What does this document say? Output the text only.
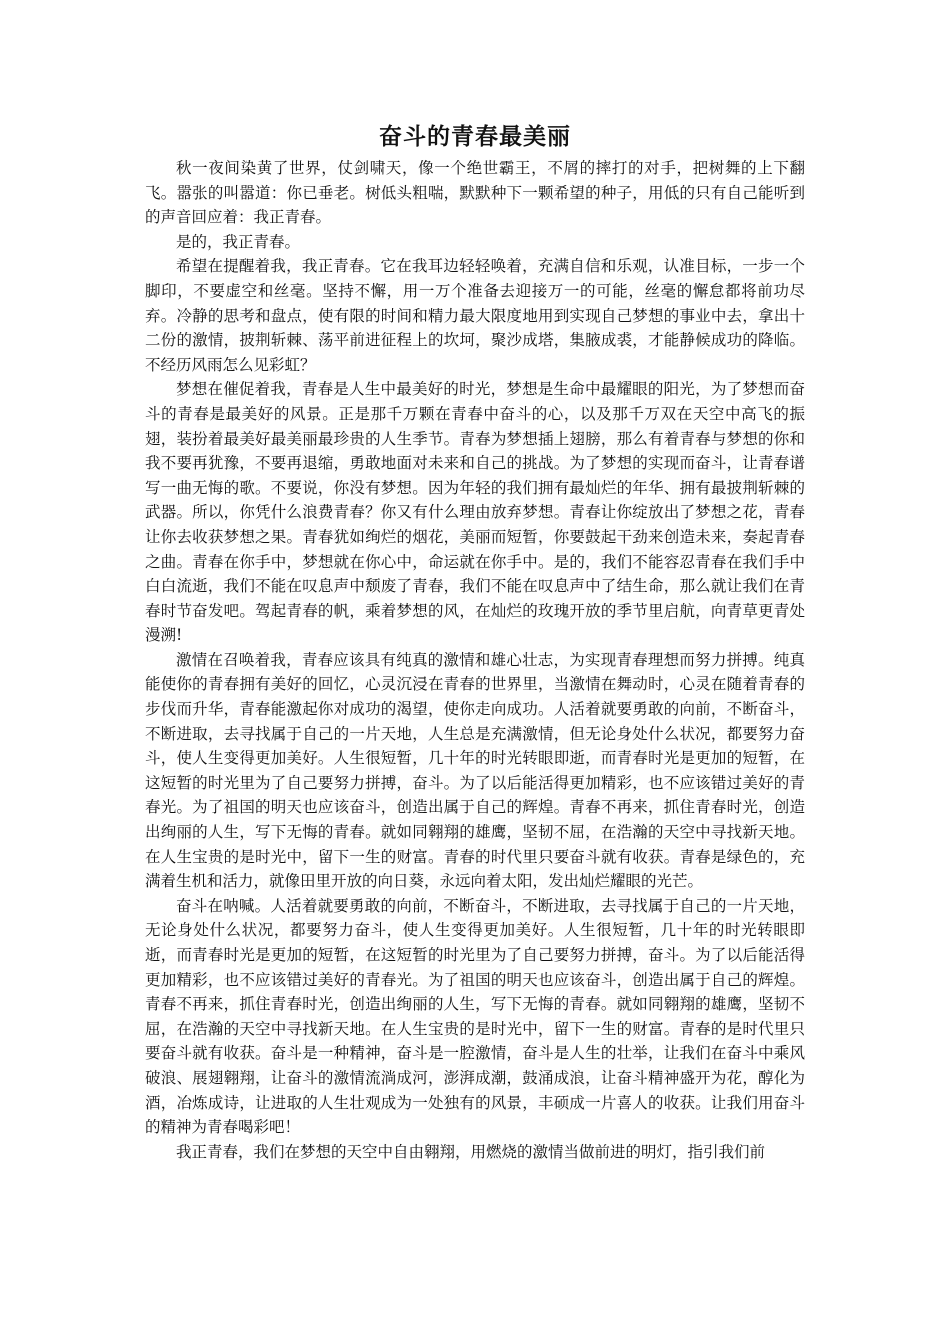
奋斗的青春最美丽

秋一夜间染黄了世界，仗剑啸天，像一个绝世霸王，不屑的摔打的对手，把树舞的上下翻飞。嚣张的叫嚣道：你已垂老。树低头粗喘，默默种下一颗希望的种子，用低的只有自己能听到的声音回应着：我正青春。

是的，我正青春。

希望在提醒着我，我正青春。它在我耳边轻轻唤着，充满自信和乐观，认准目标，一步一个脚印，不要虚空和丝毫。坚持不懈，用一万个准备去迎接万一的可能，丝毫的懈怠都将前功尽弃。冷静的思考和盘点，使有限的时间和精力最大限度地用到实现自己梦想的事业中去，拿出十二份的激情，披荆斩棘、荡平前进征程上的坎坷，聚沙成塔，集腋成裘，才能静候成功的降临。不经历风雨怎么见彩虹？

梦想在催促着我，青春是人生中最美好的时光，梦想是生命中最耀眼的阳光，为了梦想而奋斗的青春是最美好的风景。正是那千万颗在青春中奋斗的心，以及那千万双在天空中高飞的振翅，装扮着最美好最美丽最珍贵的人生季节。青春为梦想插上翅膀，那么有着青春与梦想的你和我不要再犹豫，不要再退缩，勇敢地面对未来和自己的挑战。为了梦想的实现而奋斗，让青春谱写一曲无悔的歌。不要说，你没有梦想。因为年轻的我们拥有最灿烂的年华、拥有最披荆斩棘的武器。所以，你凭什么浪费青春？你又有什么理由放弃梦想。青春让你绽放出了梦想之花，青春让你去收获梦想之果。青春犹如绚烂的烟花，美丽而短暂，你要鼓起干劲来创造未来，奏起青春之曲。青春在你手中，梦想就在你心中，命运就在你手中。是的，我们不能容忍青春在我们手中白白流逝，我们不能在叹息声中颓废了青春，我们不能在叹息声中了结生命，那么就让我们在青春时节奋发吧。驾起青春的帆，乘着梦想的风，在灿烂的玫瑰开放的季节里启航，向青草更青处漫溯!

激情在召唤着我，青春应该具有纯真的激情和雄心壮志，为实现青春理想而努力拼搏。纯真能使你的青春拥有美好的回忆，心灵沉浸在青春的世界里，当激情在舞动时，心灵在随着青春的步伐而升华，青春能激起你对成功的渴望，使你走向成功。人活着就要勇敢的向前，不断奋斗，不断进取，去寻找属于自己的一片天地，人生总是充满激情，但无论身处什么状况，都要努力奋斗，使人生变得更加美好。人生很短暂，几十年的时光转眼即逝，而青春时光是更加的短暂，在这短暂的时光里为了自己要努力拼搏，奋斗。为了以后能活得更加精彩，也不应该错过美好的青春光。为了祖国的明天也应该奋斗，创造出属于自己的辉煌。青春不再来，抓住青春时光，创造出绚丽的人生，写下无悔的青春。就如同翱翔的雄鹰，坚韧不屈，在浩瀚的天空中寻找新天地。在人生宝贵的是时光中，留下一生的财富。青春的时代里只要奋斗就有收获。青春是绿色的，充满着生机和活力，就像田里开放的向日葵，永远向着太阳，发出灿烂耀眼的光芒。

奋斗在呐喊。人活着就要勇敢的向前，不断奋斗，不断进取，去寻找属于自己的一片天地，无论身处什么状况，都要努力奋斗，使人生变得更加美好。人生很短暂，几十年的时光转眼即逝，而青春时光是更加的短暂，在这短暂的时光里为了自己要努力拼搏，奋斗。为了以后能活得更加精彩，也不应该错过美好的青春光。为了祖国的明天也应该奋斗，创造出属于自己的辉煌。青春不再来，抓住青春时光，创造出绚丽的人生，写下无悔的青春。就如同翱翔的雄鹰，坚韧不屈，在浩瀚的天空中寻找新天地。在人生宝贵的是时光中，留下一生的财富。青春的是时代里只要奋斗就有收获。奋斗是一种精神，奋斗是一腔激情，奋斗是人生的壮举，让我们在奋斗中乘风破浪、展翅翱翔，让奋斗的激情流淌成河，澎湃成潮，鼓涌成浪，让奋斗精神盛开为花，醇化为酒，冶炼成诗，让进取的人生壮观成为一处独有的风景，丰硕成一片喜人的收获。让我们用奋斗的精神为青春喝彩吧！

我正青春，我们在梦想的天空中自由翱翔，用燃烧的激情当做前进的明灯，指引我们前
